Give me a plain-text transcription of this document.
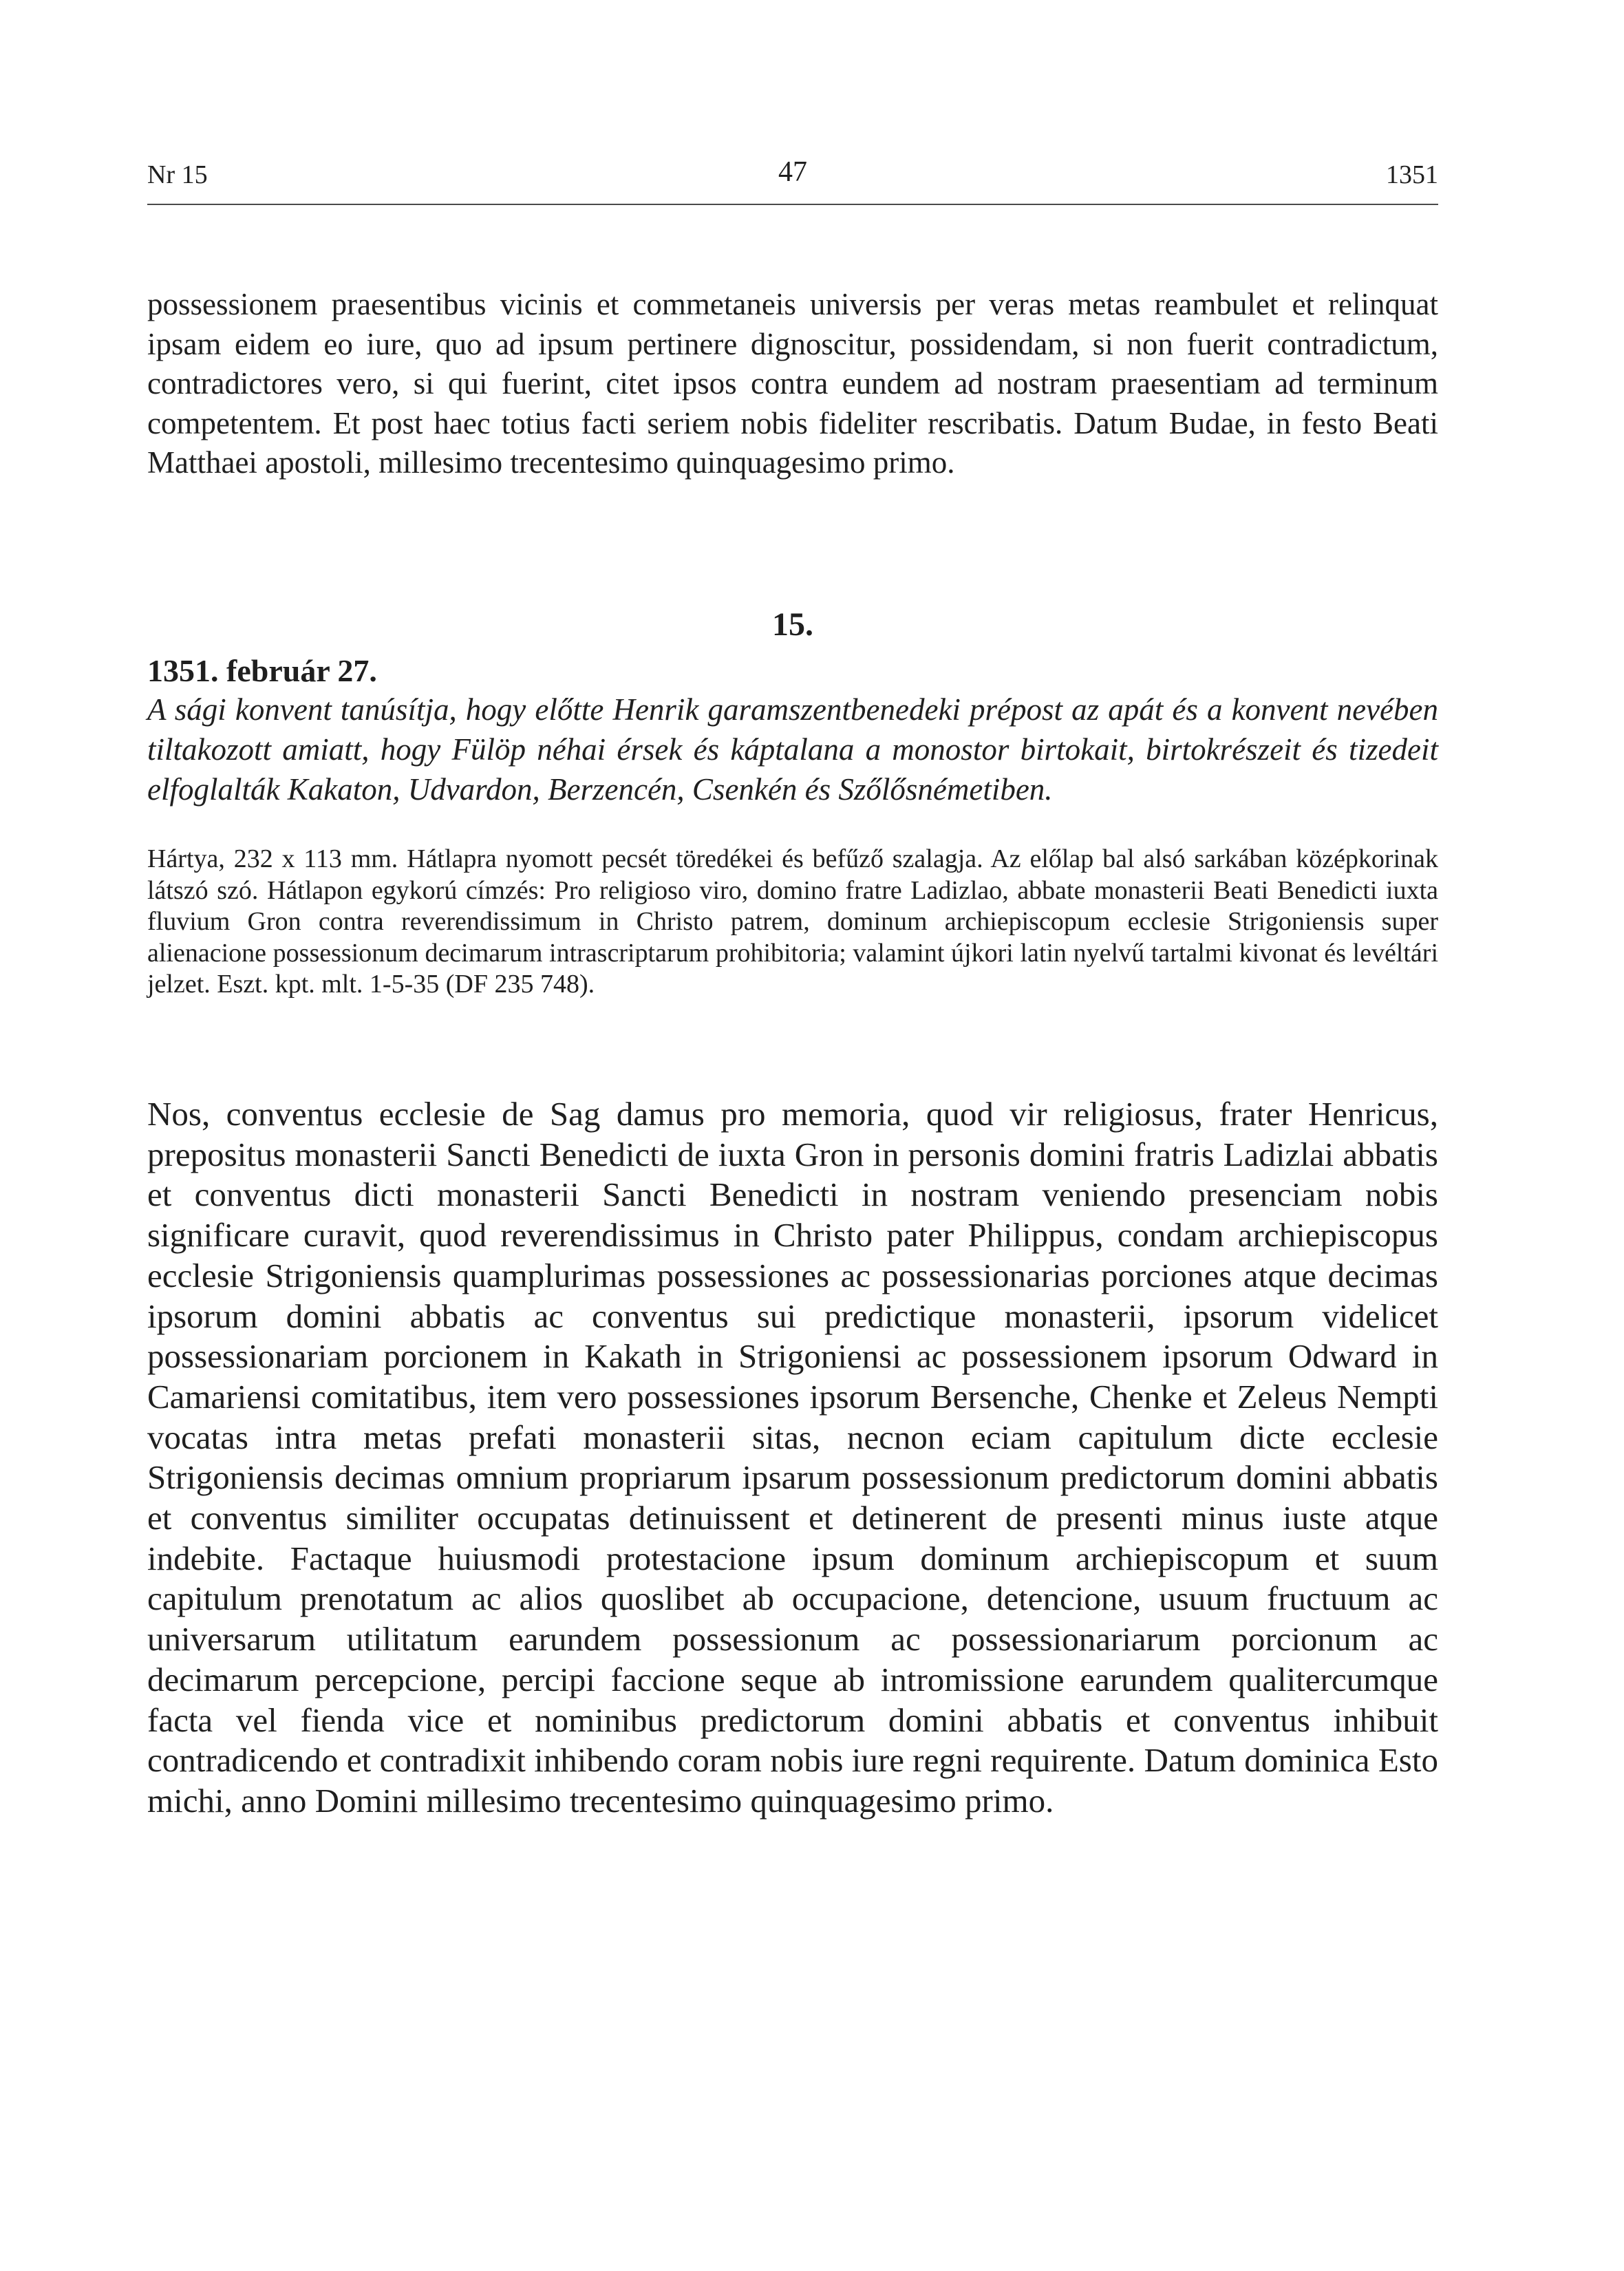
Nr 15	47	1351

possessionem praesentibus vicinis et commetaneis universis per veras metas reambulet et relinquat ipsam eidem eo iure, quo ad ipsum pertinere dignoscitur, possidendam, si non fuerit contradictum, contradictores vero, si qui fuerint, citet ipsos contra eundem ad nostram praesentiam ad terminum competentem. Et post haec totius facti seriem nobis fideliter rescribatis. Datum Budae, in festo Beati Matthaei apostoli, millesimo trecentesimo quinquagesimo primo.

15.
1351. február 27.

A sági konvent tanúsítja, hogy előtte Henrik garamszentbenedeki prépost az apát és a konvent nevében tiltakozott amiatt, hogy Fülöp néhai érsek és káptalana a monostor birtokait, birtokrészeit és tizedeit elfoglalták Kakaton, Udvardon, Berzencén, Csenkén és Szőlősnémetiben.

Hártya, 232 x 113 mm. Hátlapra nyomott pecsét töredékei és befűző szalagja. Az előlap bal alsó sarkában középkorinak látszó szó. Hátlapon egykorú címzés: Pro religioso viro, domino fratre Ladizlao, abbate monasterii Beati Benedicti iuxta fluvium Gron contra reverendissimum in Christo patrem, dominum archiepiscopum ecclesie Strigoniensis super alienacione possessionum decimarum intrascriptarum prohibitoria; valamint újkori latin nyelvű tartalmi kivonat és levéltári jelzet. Eszt. kpt. mlt. 1-5-35 (DF 235 748).

Nos, conventus ecclesie de Sag damus pro memoria, quod vir religiosus, frater Henricus, prepositus monasterii Sancti Benedicti de iuxta Gron in personis domini fratris Ladizlai abbatis et conventus dicti monasterii Sancti Benedicti in nostram veniendo presenciam nobis significare curavit, quod reverendissimus in Christo pater Philippus, condam archiepiscopus ecclesie Strigoniensis quamplurimas possessiones ac possessionarias porciones atque decimas ipsorum domini abbatis ac conventus sui predictique monasterii, ipsorum videlicet possessionariam porcionem in Kakath in Strigoniensi ac possessionem ipsorum Odward in Camariensi comitatibus, item vero possessiones ipsorum Bersenche, Chenke et Zeleus Nempti vocatas intra metas prefati monasterii sitas, necnon eciam capitulum dicte ecclesie Strigoniensis decimas omnium propriarum ipsarum possessionum predictorum domini abbatis et conventus similiter occupatas detinuissent et detinerent de presenti minus iuste atque indebite. Factaque huiusmodi protestacione ipsum dominum archiepiscopum et suum capitulum prenotatum ac alios quoslibet ab occupacione, detencione, usuum fructuum ac universarum utilitatum earundem possessionum ac possessionariarum porcionum ac decimarum percepcione, percipi faccione seque ab intromissione earundem qualitercumque facta vel fienda vice et nominibus predictorum domini abbatis et conventus inhibuit contradicendo et contradixit inhibendo coram nobis iure regni requirente. Datum dominica Esto michi, anno Domini millesimo trecentesimo quinquagesimo primo.
